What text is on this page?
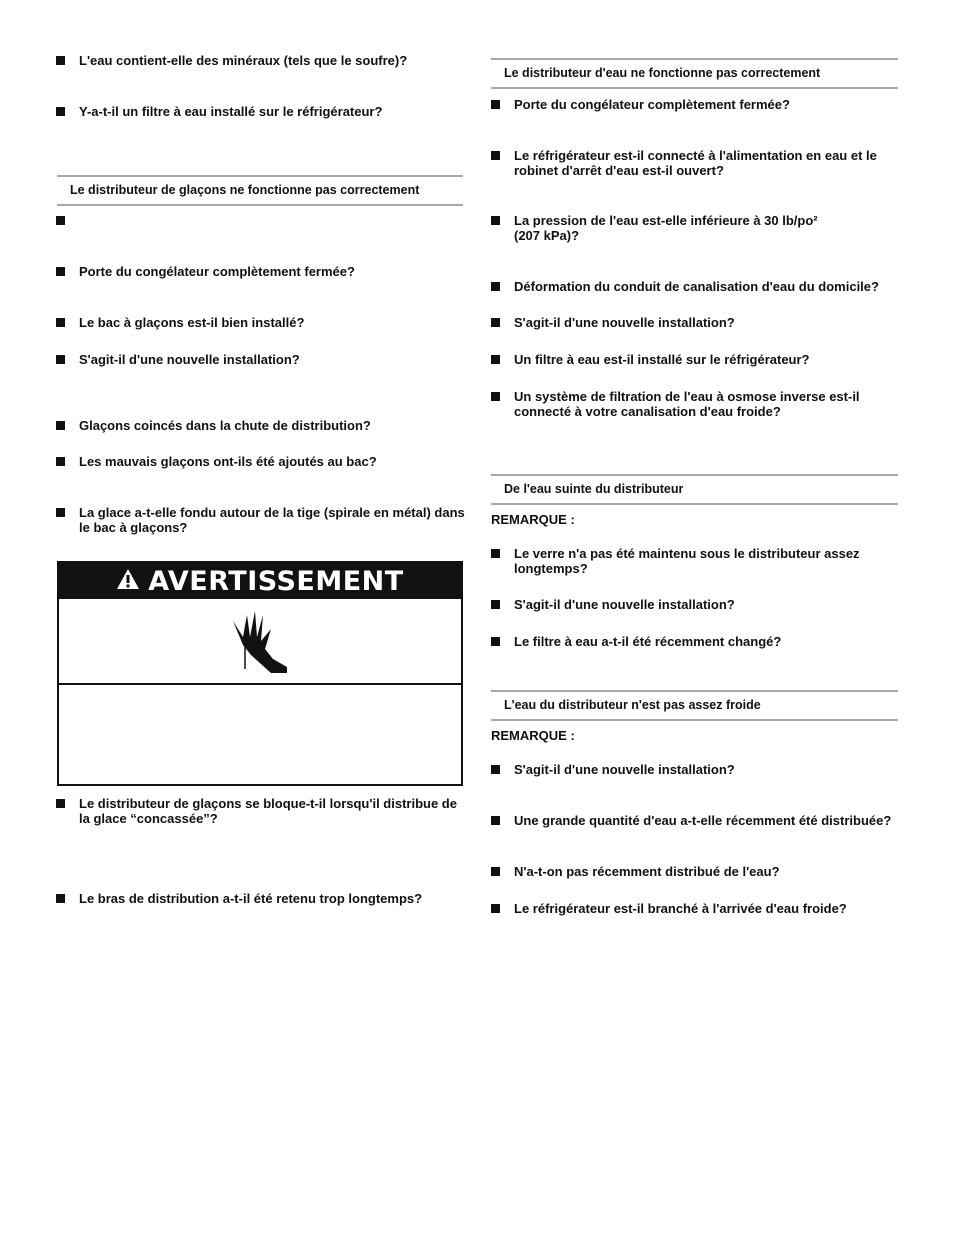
L'eau contient-elle des minéraux (tels que le soufre)?
Y-a-t-il un filtre à eau installé sur le réfrigérateur?
Le distributeur de glaçons ne fonctionne pas correctement
Porte du congélateur complètement fermée?
Le bac à glaçons est-il bien installé?
S'agit-il d'une nouvelle installation?
Glaçons coincés dans la chute de distribution?
Les mauvais glaçons ont-ils été ajoutés au bac?
La glace a-t-elle fondu autour de la tige (spirale en métal) dans le bac à glaçons?
AVERTISSEMENT
Le distributeur de glaçons se bloque-t-il lorsqu'il distribue de la glace “concassée”?
Le bras de distribution a-t-il été retenu trop longtemps?
Le distributeur d'eau ne fonctionne pas correctement
Porte du congélateur complètement fermée?
Le réfrigérateur est-il connecté à l'alimentation en eau et le robinet d'arrêt d'eau est-il ouvert?
La pression de l'eau est-elle inférieure à 30 lb/po² (207 kPa)?
Déformation du conduit de canalisation d'eau du domicile?
S'agit-il d'une nouvelle installation?
Un filtre à eau est-il installé sur le réfrigérateur?
Un système de filtration de l'eau à osmose inverse est-il connecté à votre canalisation d'eau froide?
De l'eau suinte du distributeur
REMARQUE :
Le verre n'a pas été maintenu sous le distributeur assez longtemps?
S'agit-il d'une nouvelle installation?
Le filtre à eau a-t-il été récemment changé?
L'eau du distributeur n'est pas assez froide
REMARQUE :
S'agit-il d'une nouvelle installation?
Une grande quantité d'eau a-t-elle récemment été distribuée?
N'a-t-on pas récemment distribué de l'eau?
Le réfrigérateur est-il branché à l'arrivée d'eau froide?
